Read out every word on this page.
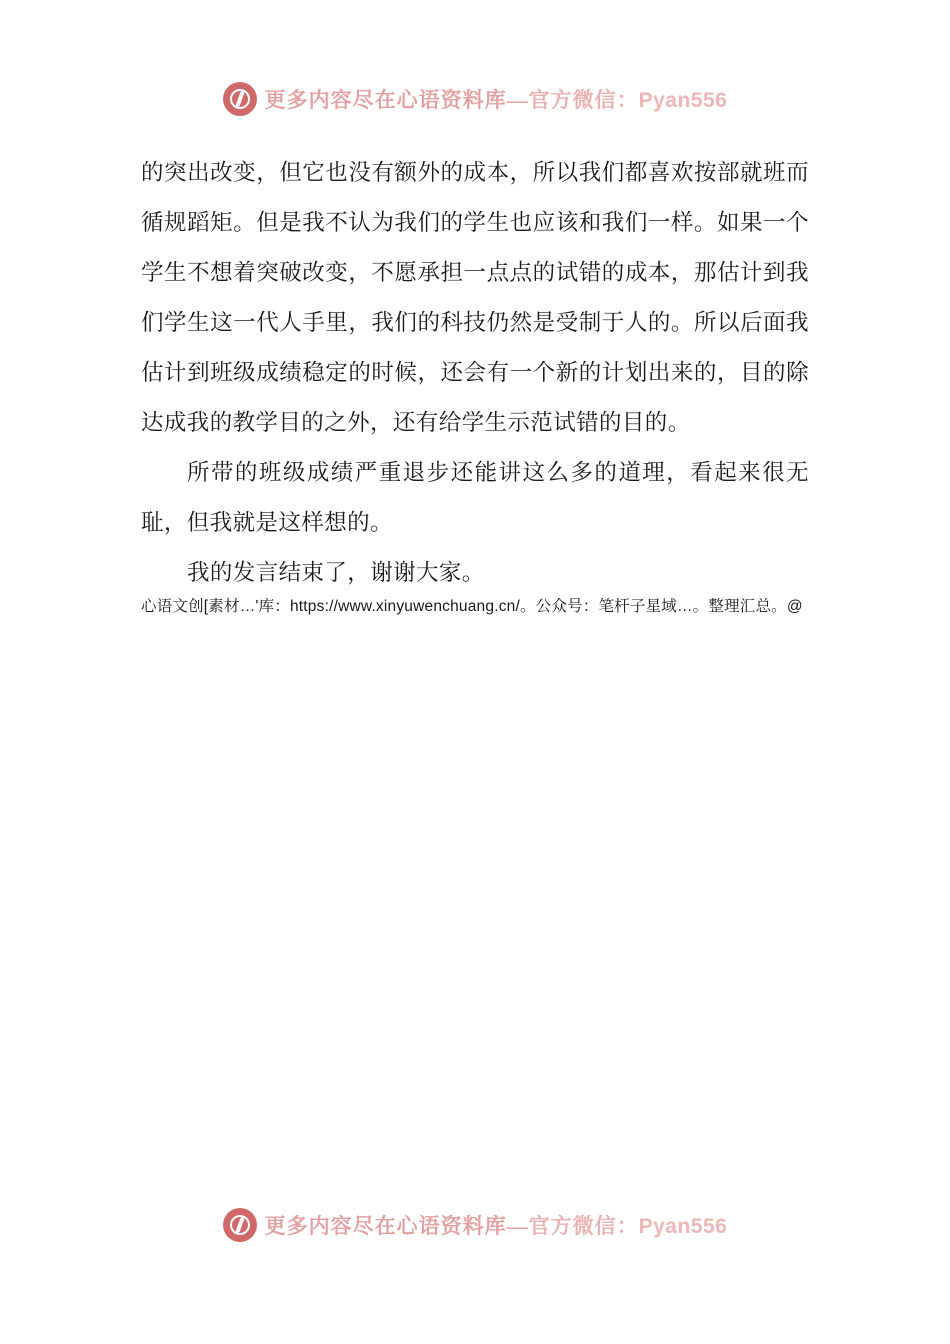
更多内容尽在心语资料库—官方微信：Pyan556

的突出改变，但它也没有额外的成本，所以我们都喜欢按部就班而循规蹈矩。但是我不认为我们的学生也应该和我们一样。如果一个学生不想着突破改变，不愿承担一点点的试错的成本，那估计到我们学生这一代人手里，我们的科技仍然是受制于人的。所以后面我估计到班级成绩稳定的时候，还会有一个新的计划出来的，目的除达成我的教学目的之外，还有给学生示范试错的目的。

所带的班级成绩严重退步还能讲这么多的道理，看起来很无耻，但我就是这样想的。

我的发言结束了，谢谢大家。

心语文创[素材…'库：https://www.xinyuwenchuang.cn/。公众号：笔杆子星域…。整理汇总。@
更多内容尽在心语资料库—官方微信：Pyan556
